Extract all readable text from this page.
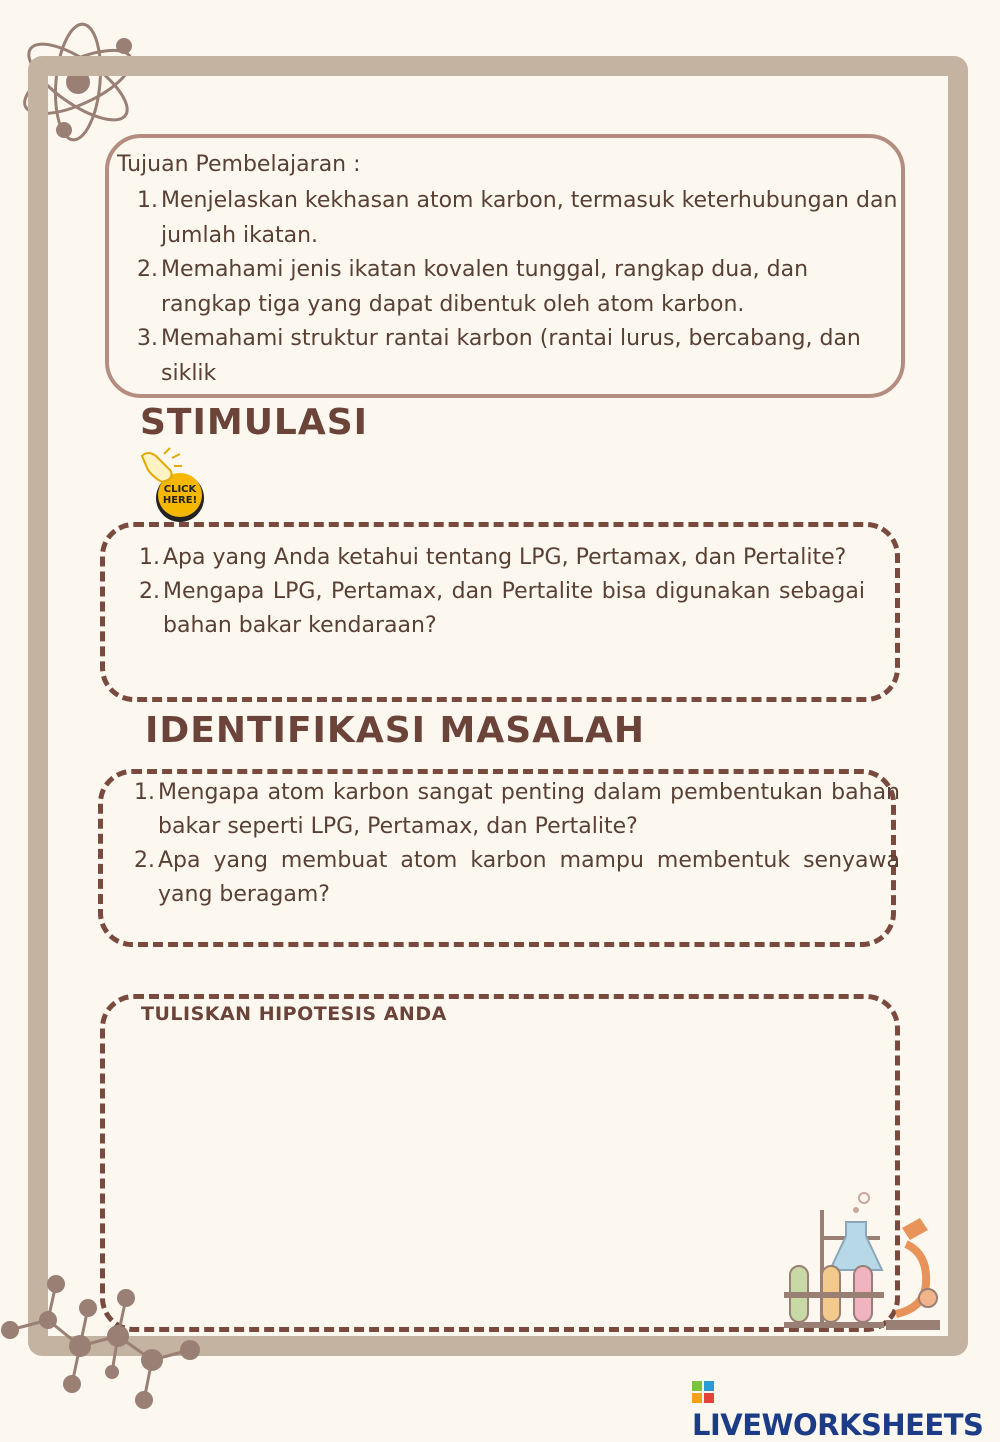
Tujuan Pembelajaran :
1. Menjelaskan kekhasan atom karbon, termasuk keterhubungan dan jumlah ikatan.
2. Memahami jenis ikatan kovalen tunggal, rangkap dua, dan rangkap tiga yang dapat dibentuk oleh atom karbon.
3. Memahami struktur rantai karbon (rantai lurus, bercabang, dan siklik
STIMULASI
CLICK
HERE!
1. Apa yang Anda ketahui tentang LPG, Pertamax, dan Pertalite?
2. Mengapa LPG, Pertamax, dan Pertalite bisa digunakan sebagai bahan bakar kendaraan?
IDENTIFIKASI MASALAH
1. Mengapa atom karbon sangat penting dalam pembentukan bahan bakar seperti LPG, Pertamax, dan Pertalite?
2. Apa yang membuat atom karbon mampu membentuk senyawa yang beragam?
TULISKAN HIPOTESIS ANDA
LIVEWORKSHEETS
